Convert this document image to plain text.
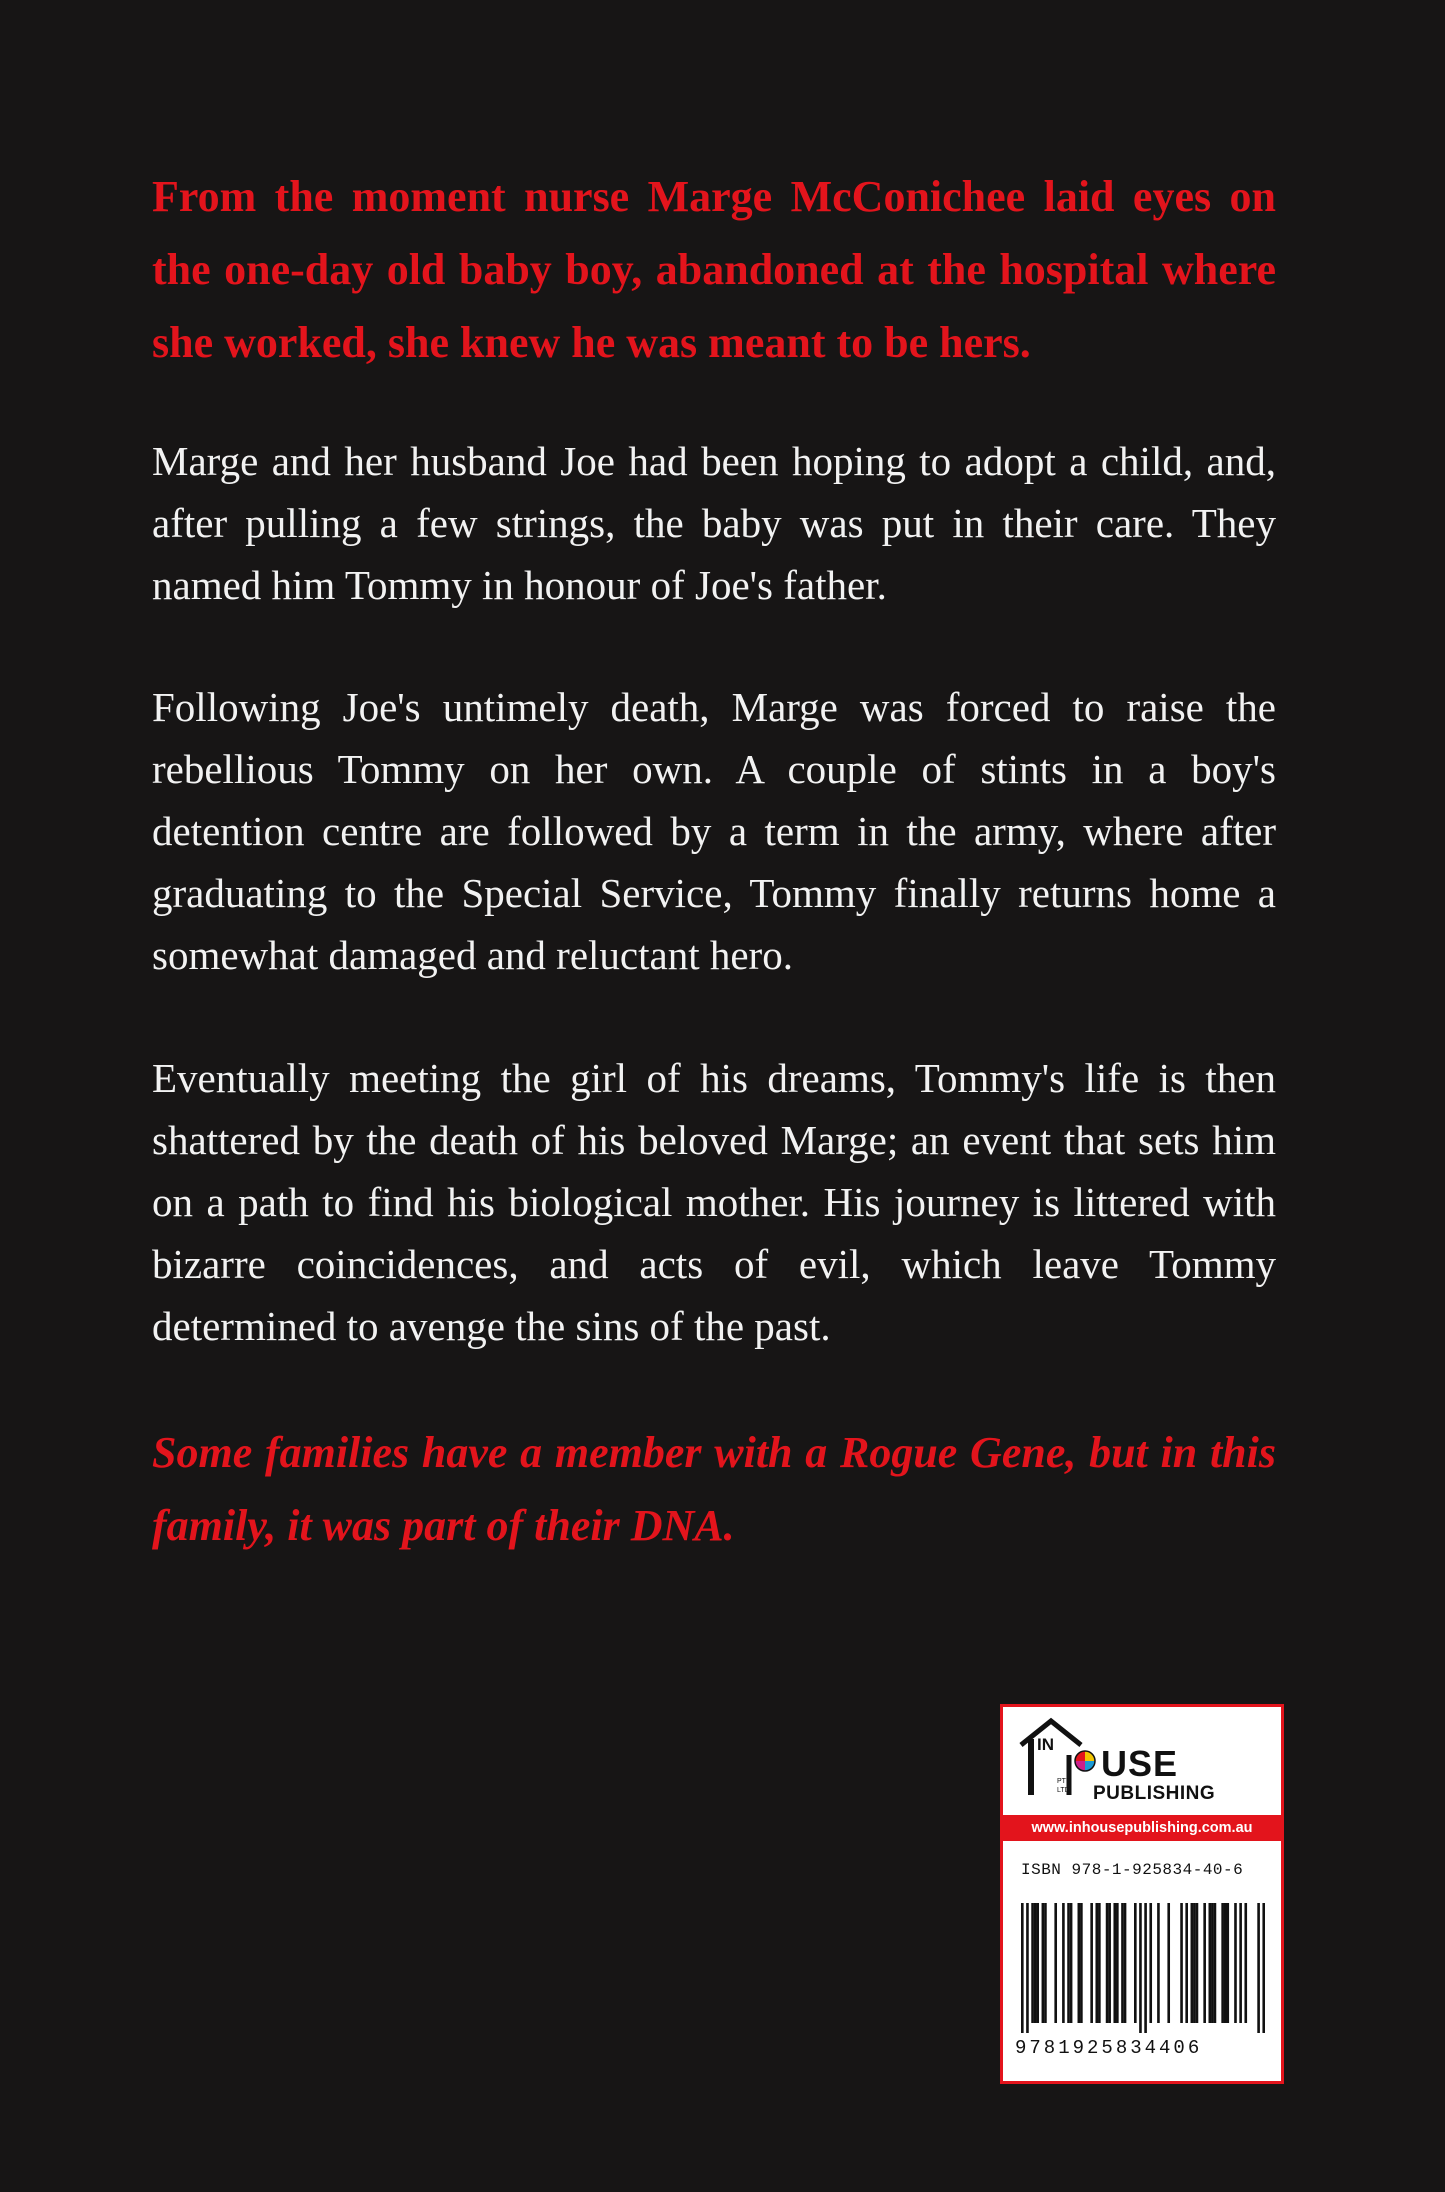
From the moment nurse Marge McConichee laid eyes on the one-day old baby boy, abandoned at the hospital where she worked, she knew he was meant to be hers.
Marge and her husband Joe had been hoping to adopt a child, and, after pulling a few strings, the baby was put in their care. They named him Tommy in honour of Joe's father.
Following Joe's untimely death, Marge was forced to raise the rebellious Tommy on her own. A couple of stints in a boy's detention centre are followed by a term in the army, where after graduating to the Special Service, Tommy finally returns home a somewhat damaged and reluctant hero.
Eventually meeting the girl of his dreams, Tommy's life is then shattered by the death of his beloved Marge; an event that sets him on a path to find his biological mother. His journey is littered with bizarre coincidences, and acts of evil, which leave Tommy determined to avenge the sins of the past.
Some families have a member with a Rogue Gene, but in this family, it was part of their DNA.
IN
PTY
LTD
USE
PUBLISHING
www.inhousepublishing.com.au
ISBN 978-1-925834-40-6
9781925834406
